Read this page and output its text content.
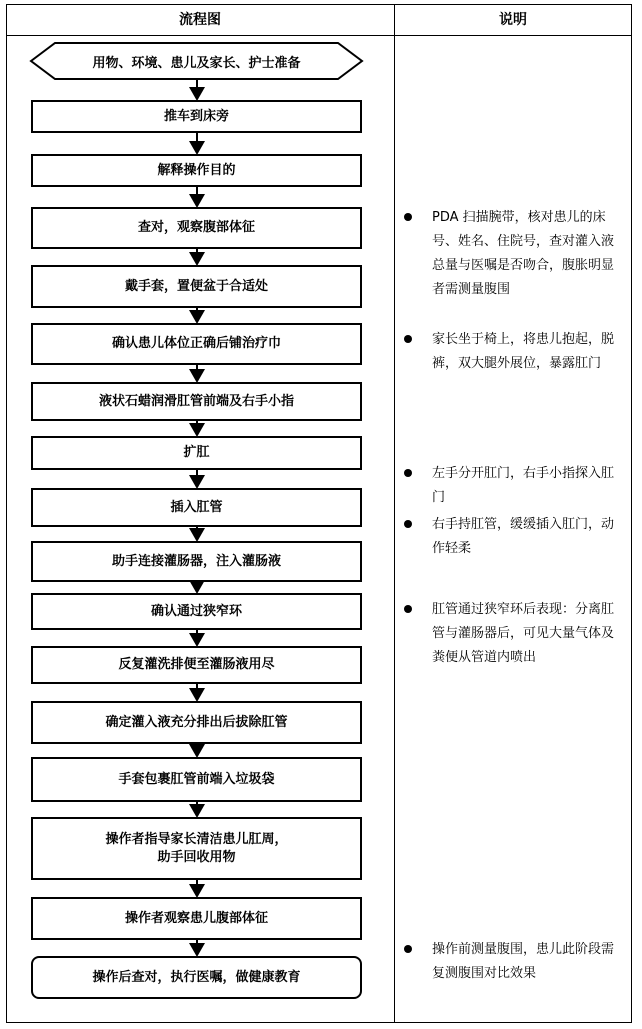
流程图	说明
用物、环境、患儿及家长、护士准备
推车到床旁
解释操作目的
查对，观察腹部体征
戴手套，置便盆于合适处
确认患儿体位正确后铺治疗巾
液状石蜡润滑肛管前端及右手小指
扩肛
插入肛管
助手连接灌肠器，注入灌肠液
确认通过狭窄环
反复灌洗排便至灌肠液用尽
确定灌入液充分排出后拔除肛管
手套包裹肛管前端入垃圾袋
操作者指导家长清洁患儿肛周，
助手回收用物
操作者观察患儿腹部体征
操作后查对，执行医嘱，做健康教育
PDA 扫描腕带，核对患儿的床号、姓名、住院号，查对灌入液总量与医嘱是否吻合，腹胀明显者需测量腹围
家长坐于椅上，将患儿抱起，脱裤，双大腿外展位，暴露肛门
左手分开肛门，右手小指探入肛门
右手持肛管，缓缓插入肛门，动作轻柔
肛管通过狭窄环后表现：分离肛管与灌肠器后，可见大量气体及粪便从管道内喷出
操作前测量腹围，患儿此阶段需复测腹围对比效果
